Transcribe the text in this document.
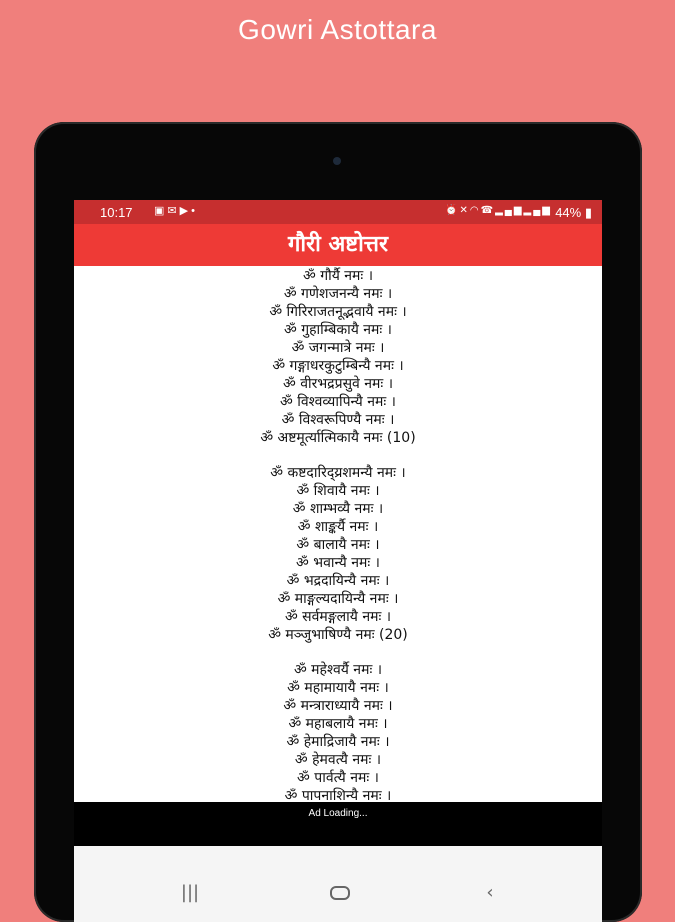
Gowri Astottara
10:17 ▣✉▶•	⏰✕◠☎▂▄▆▂▄▆ 44% ▮
गौरी अष्टोत्तर
ॐ गौर्यै नमः ।
ॐ गणेशजनन्यै नमः ।
ॐ गिरिराजतनूद्भवायै नमः ।
ॐ गुहाम्बिकायै नमः ।
ॐ जगन्मात्रे नमः ।
ॐ गङ्गाधरकुटुम्बिन्यै नमः ।
ॐ वीरभद्रप्रसुवे नमः ।
ॐ विश्वव्यापिन्यै नमः ।
ॐ विश्वरूपिण्यै नमः ।
ॐ अष्टमूर्त्यात्मिकायै नमः (10)
ॐ कष्टदारिद्य्रशमन्यै नमः ।
ॐ शिवायै नमः ।
ॐ शाम्भव्यै नमः ।
ॐ शाङ्कर्यै नमः ।
ॐ बालायै नमः ।
ॐ भवान्यै नमः ।
ॐ भद्रदायिन्यै नमः ।
ॐ माङ्गल्यदायिन्यै नमः ।
ॐ सर्वमङ्गलायै नमः ।
ॐ मञ्जुभाषिण्यै नमः (20)
ॐ महेश्वर्यै नमः ।
ॐ महामायायै नमः ।
ॐ मन्त्राराध्यायै नमः ।
ॐ महाबलायै नमः ।
ॐ हेमाद्रिजायै नमः ।
ॐ हेमवत्यै नमः ।
ॐ पार्वत्यै नमः ।
ॐ पापनाशिन्यै नमः ।
Ad Loading...
|||	‹
